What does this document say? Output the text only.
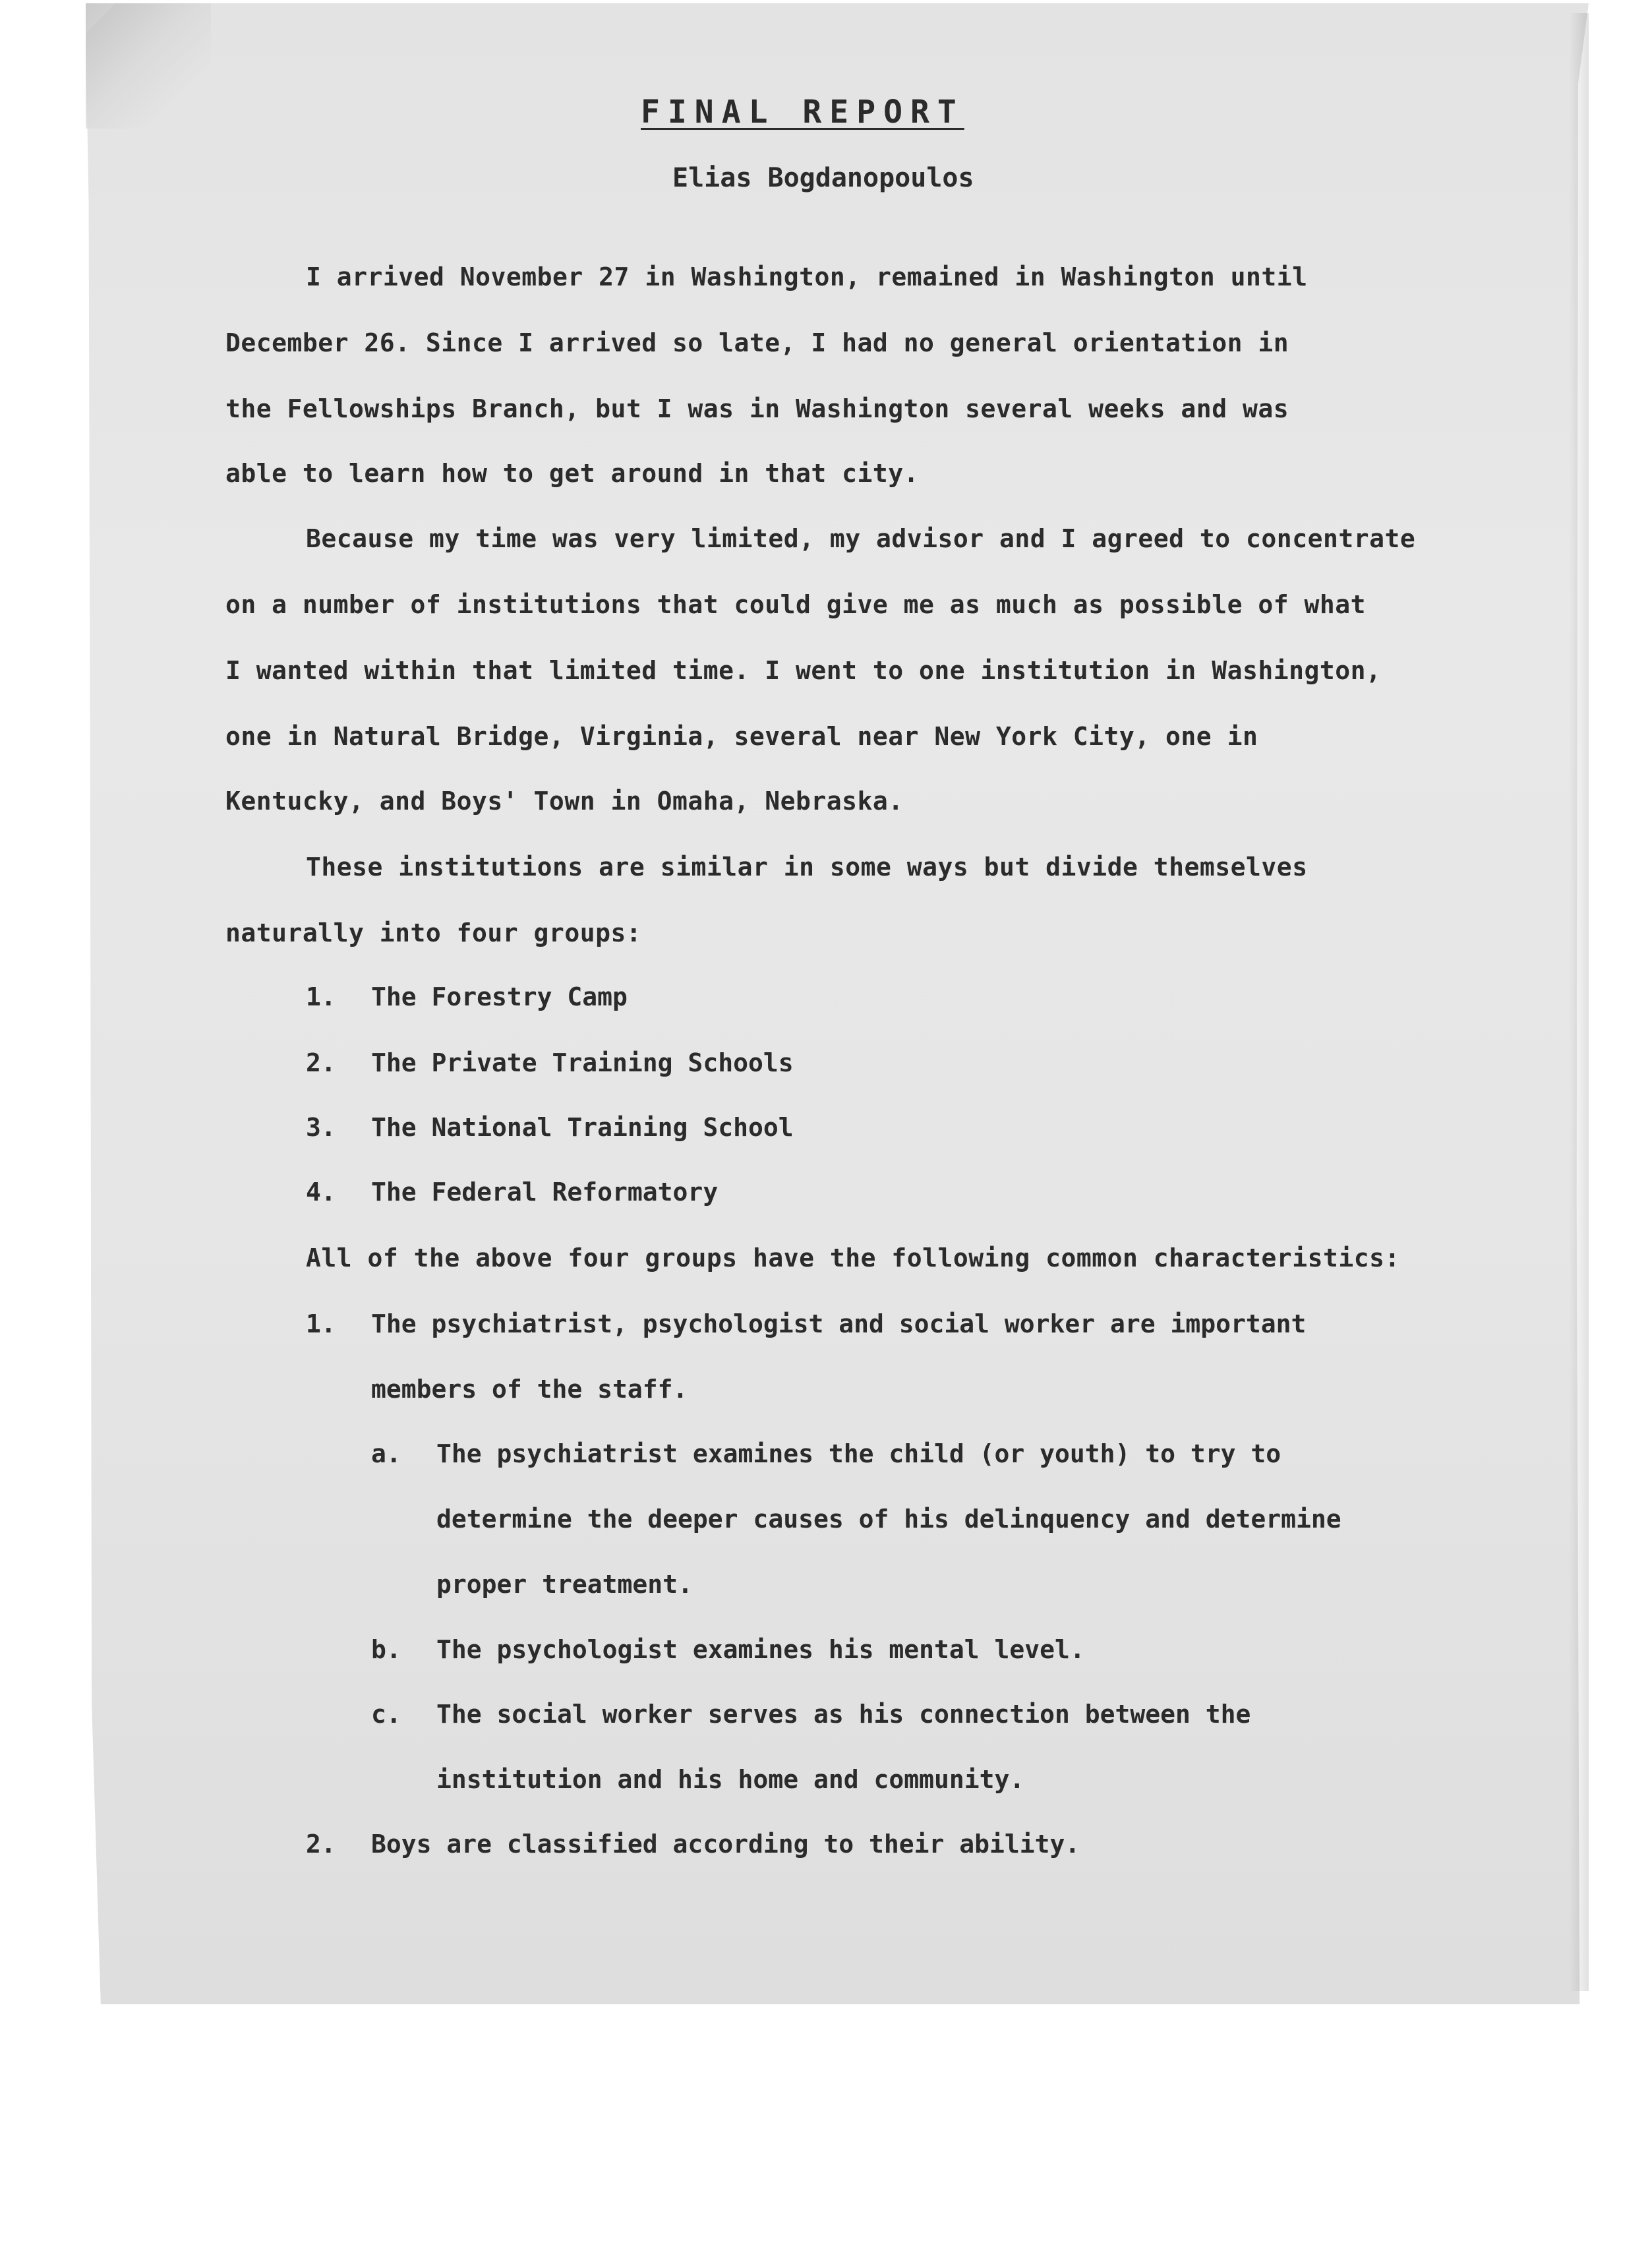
FINAL REPORT
Elias Bogdanopoulos
I arrived November 27 in Washington, remained in Washington until
December 26. Since I arrived so late, I had no general orientation in
the Fellowships Branch, but I was in Washington several weeks and was
able to learn how to get around in that city.
Because my time was very limited, my advisor and I agreed to concentrate
on a number of institutions that could give me as much as possible of what
I wanted within that limited time. I went to one institution in Washington,
one in Natural Bridge, Virginia, several near New York City, one in
Kentucky, and Boys' Town in Omaha, Nebraska.
These institutions are similar in some ways but divide themselves
naturally into four groups:
1. The Forestry Camp
2. The Private Training Schools
3. The National Training School
4. The Federal Reformatory
All of the above four groups have the following common characteristics:
1. The psychiatrist, psychologist and social worker are important
members of the staff.
a. The psychiatrist examines the child (or youth) to try to
determine the deeper causes of his delinquency and determine
proper treatment.
b. The psychologist examines his mental level.
c. The social worker serves as his connection between the
institution and his home and community.
2. Boys are classified according to their ability.
